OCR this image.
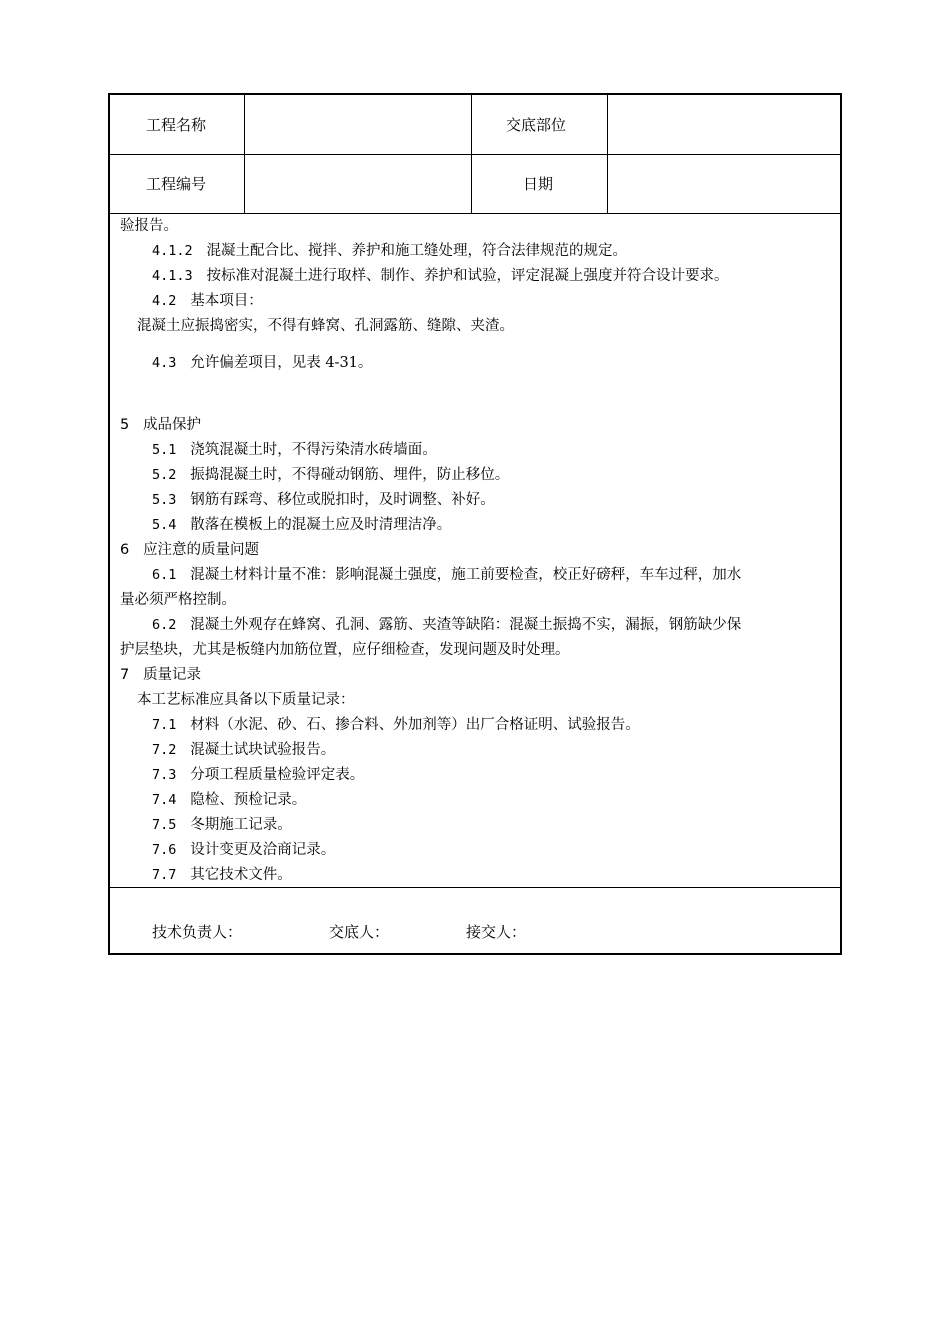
工程名称	交底部位
工程编号	日期
验报告。
4.1.2 混凝土配合比、搅拌、养护和施工缝处理，符合法律规范的规定。
4.1.3 按标准对混凝土进行取样、制作、养护和试验，评定混凝上强度并符合设计要求。
4.2 基本项目：
混凝土应振捣密实，不得有蜂窝、孔洞露筋、缝隙、夹渣。
4.3 允许偏差项目，见表 4-31。
5 成品保护
5.1 浇筑混凝土时，不得污染清水砖墙面。
5.2 振捣混凝土时，不得碰动钢筋、埋件，防止移位。
5.3 钢筋有踩弯、移位或脱扣时，及时调整、补好。
5.4 散落在模板上的混凝土应及时清理洁净。
6 应注意的质量问题
6.1 混凝土材料计量不准：影响混凝土强度，施工前要检查，校正好磅秤，车车过秤，加水
量必须严格控制。
6.2 混凝土外观存在蜂窝、孔洞、露筋、夹渣等缺陷：混凝土振捣不实，漏振，钢筋缺少保
护层垫块，尤其是板缝内加筋位置，应仔细检查，发现问题及时处理。
7 质量记录
本工艺标准应具备以下质量记录：
7.1 材料（水泥、砂、石、掺合料、外加剂等）出厂合格证明、试验报告。
7.2 混凝土试块试验报告。
7.3 分项工程质量检验评定表。
7.4 隐检、预检记录。
7.5 冬期施工记录。
7.6 设计变更及洽商记录。
7.7 其它技术文件。
技术负责人：	交底人：	接交人：
